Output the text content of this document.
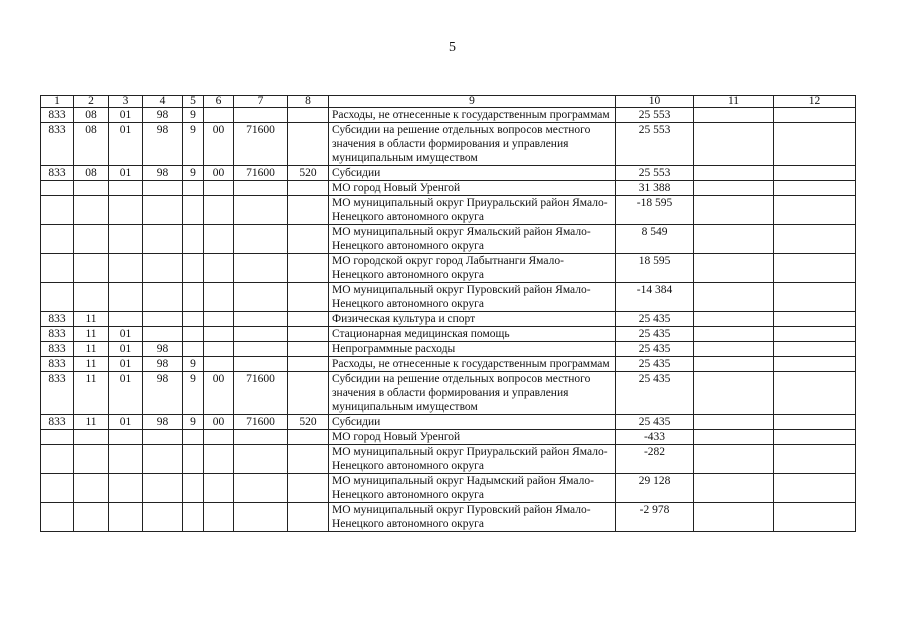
5
1	2	3	4	5	6	7	8	9	10	11	12
833	08	01	98	9				Расходы, не отнесенные к государственным программам	25 553		
833	08	01	98	9	00	71600		Субсидии на решение отдельных вопросов местного значения в области формирования и управления муниципальным имуществом	25 553		
833	08	01	98	9	00	71600	520	Субсидии	25 553		
								МО город Новый Уренгой	31 388		
								МО муниципальный округ Приуральский район Ямало-Ненецкого автономного округа	-18 595		
								МО муниципальный округ Ямальский район Ямало-Ненецкого автономного округа	8 549		
								МО городской округ город Лабытнанги Ямало-Ненецкого автономного округа	18 595		
								МО муниципальный округ Пуровский район Ямало-Ненецкого автономного округа	-14 384		
833	11							Физическая культура и спорт	25 435		
833	11	01						Стационарная медицинская помощь	25 435		
833	11	01	98					Непрограммные расходы	25 435		
833	11	01	98	9				Расходы, не отнесенные к государственным программам	25 435		
833	11	01	98	9	00	71600		Субсидии на решение отдельных вопросов местного значения в области формирования и управления муниципальным имуществом	25 435		
833	11	01	98	9	00	71600	520	Субсидии	25 435		
								МО город Новый Уренгой	-433		
								МО муниципальный округ Приуральский район Ямало-Ненецкого автономного округа	-282		
								МО муниципальный округ Надымский район Ямало-Ненецкого автономного округа	29 128		
								МО муниципальный округ Пуровский район Ямало-Ненецкого автономного округа	-2 978		
